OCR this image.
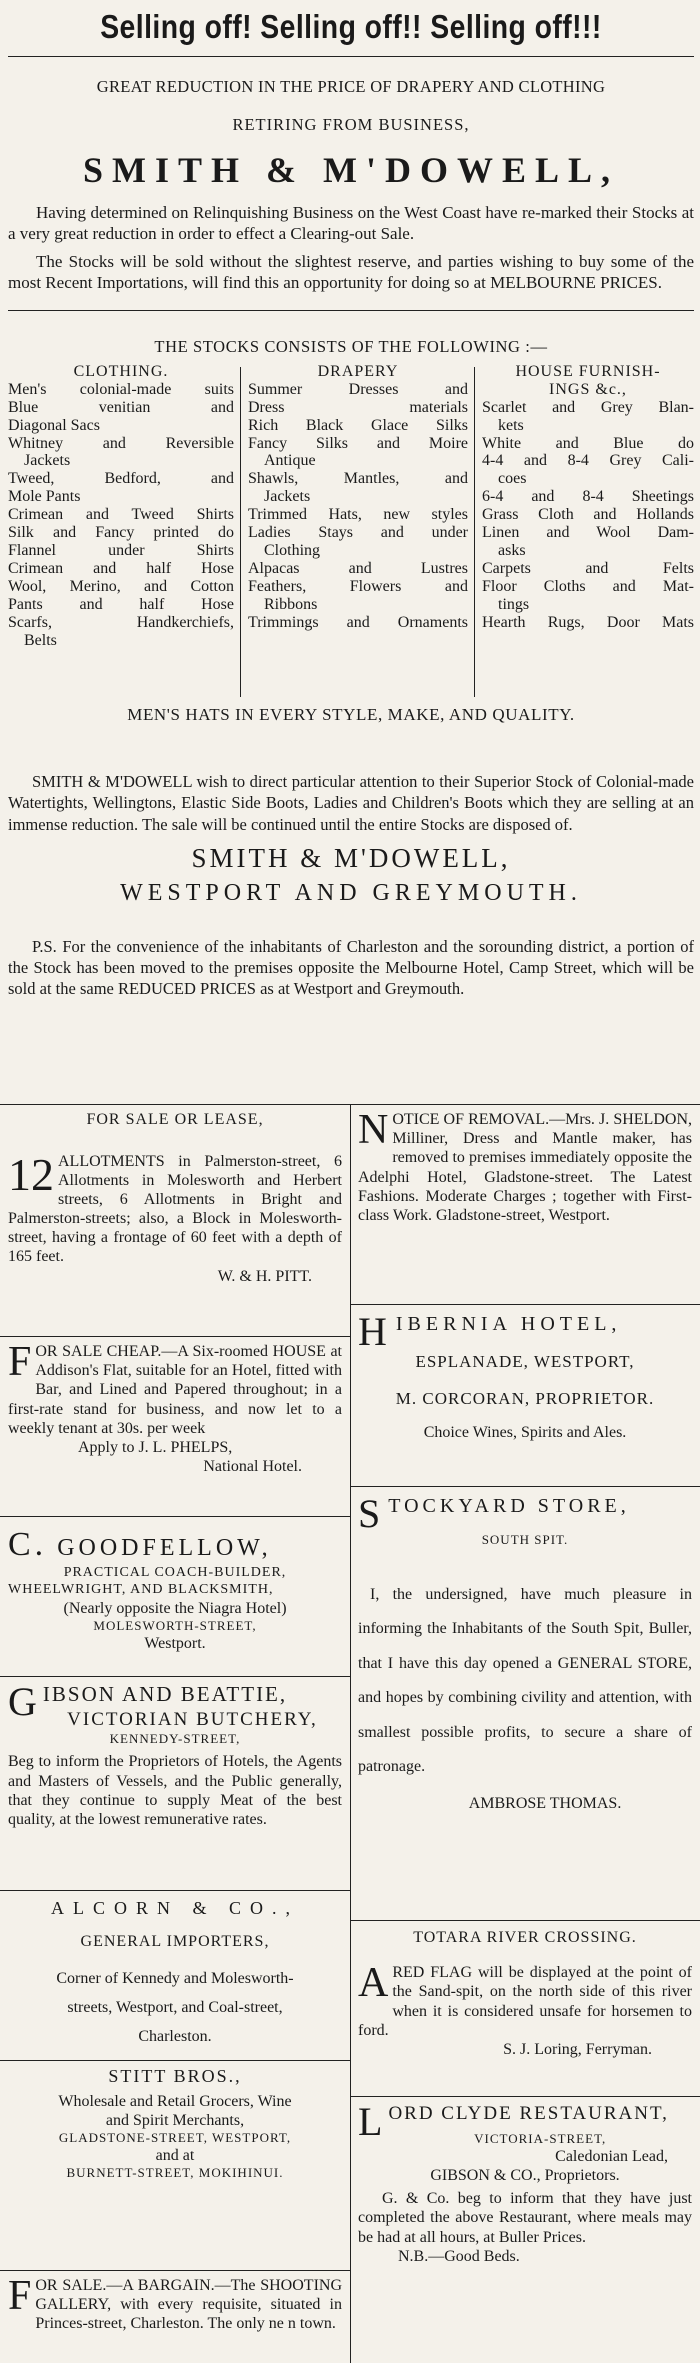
Selling off! Selling off!! Selling off!!!
GREAT REDUCTION IN THE PRICE OF DRAPERY AND CLOTHING
RETIRING FROM BUSINESS,
SMITH & M'DOWELL,

Having determined on Relinquishing Business on the West Coast have re-marked their Stocks at a very great reduction in order to effect a Clearing-out Sale.

The Stocks will be sold without the slightest reserve, and parties wishing to buy some of the most Recent Importations, will find this an opportunity for doing so at MELBOURNE PRICES.

THE STOCKS CONSISTS OF THE FOLLOWING :—
CLOTHING.
Men's colonial-made suits
Blue venitian and
Diagonal Sacs
Whitney and Reversible
Jackets
Tweed, Bedford, and
Mole Pants
Crimean and Tweed Shirts
Silk and Fancy printed do
Flannel under Shirts
Crimean and half Hose
Wool, Merino, and Cotton
Pants and half Hose
Scarfs, Handkerchiefs,
Belts
DRAPERY
Summer Dresses and
Dress materials
Rich Black Glace Silks
Fancy Silks and Moire
Antique
Shawls, Mantles, and
Jackets
Trimmed Hats, new styles
Ladies Stays and under
Clothing
Alpacas and Lustres
Feathers, Flowers and
Ribbons
Trimmings and Ornaments
HOUSE FURNISH-
INGS &c.,
Scarlet and Grey Blan-
kets
White and Blue do
4-4 and 8-4 Grey Cali-
coes
6-4 and 8-4 Sheetings
Grass Cloth and Hollands
Linen and Wool Dam-
asks
Carpets and Felts
Floor Cloths and Mat-
tings
Hearth Rugs, Door Mats
MEN'S HATS IN EVERY STYLE, MAKE, AND QUALITY.

SMITH & M'DOWELL wish to direct particular attention to their Superior Stock of Colonial-made Watertights, Wellingtons, Elastic Side Boots, Ladies and Children's Boots which they are selling at an immense reduction. The sale will be continued until the entire Stocks are disposed of.

SMITH & M'DOWELL,
WESTPORT AND GREYMOUTH.

P.S. For the convenience of the inhabitants of Charleston and the sorounding district, a portion of the Stock has been moved to the premises opposite the Melbourne Hotel, Camp Street, which will be sold at the same REDUCED PRICES as at Westport and Greymouth.

FOR SALE OR LEASE,
12 ALLOTMENTS in Palmerston-street, 6 Allotments in Molesworth and Herbert streets, 6 Allotments in Bright and Palmerston-streets; also, a Block in Molesworth-street, having a frontage of 60 feet with a depth of 165 feet.

W. & H. PITT.

F OR SALE CHEAP.—A Six-roomed HOUSE at Addison's Flat, suitable for an Hotel, fitted with Bar, and Lined and Papered throughout; in a first-rate stand for business, and now let to a weekly tenant at 30s. per week

Apply to J. L. PHELPS,

National Hotel.

C. GOODFELLOW,

PRACTICAL COACH-BUILDER,

WHEELWRIGHT, AND BLACKSMITH,

(Nearly opposite the Niagra Hotel)

MOLESWORTH-STREET,

Westport.

G IBSON AND BEATTIE,
VICTORIAN BUTCHERY,

KENNEDY-STREET,

Beg to inform the Proprietors of Hotels, the Agents and Masters of Vessels, and the Public generally, that they continue to supply Meat of the best quality, at the lowest remunerative rates.

ALCORN & CO.,

GENERAL IMPORTERS,

Corner of Kennedy and Molesworth-

streets, Westport, and Coal-street,

Charleston.

STITT BROS.,

Wholesale and Retail Grocers, Wine

and Spirit Merchants,

GLADSTONE-STREET, WESTPORT,

and at

BURNETT-STREET, MOKIHINUI.

F OR SALE.—A BARGAIN.—The SHOOTING GALLERY, with every requisite, situated in Princes-street, Charleston. The only ne n town.

N OTICE OF REMOVAL.—Mrs. J. SHELDON, Milliner, Dress and Mantle maker, has removed to premises immediately opposite the Adelphi Hotel, Gladstone-street. The Latest Fashions. Moderate Charges ; together with First-class Work. Gladstone-street, Westport.

H IBERNIA HOTEL,

ESPLANADE, WESTPORT,

M. CORCORAN, PROPRIETOR.

Choice Wines, Spirits and Ales.

S TOCKYARD STORE,

SOUTH SPIT.

I, the undersigned, have much pleasure in informing the Inhabitants of the South Spit, Buller, that I have this day opened a GENERAL STORE, and hopes by combining civility and attention, with smallest possible profits, to secure a share of patronage.

AMBROSE THOMAS.

TOTARA RIVER CROSSING.

A RED FLAG will be displayed at the point of the Sand-spit, on the north side of this river when it is considered unsafe for horsemen to ford.

S. J. Loring, Ferryman.

L ORD CLYDE RESTAURANT,

VICTORIA-STREET,

Caledonian Lead,

GIBSON & CO., Proprietors.

G. & Co. beg to inform that they have just completed the above Restaurant, where meals may be had at all hours, at Buller Prices.

N.B.—Good Beds.
